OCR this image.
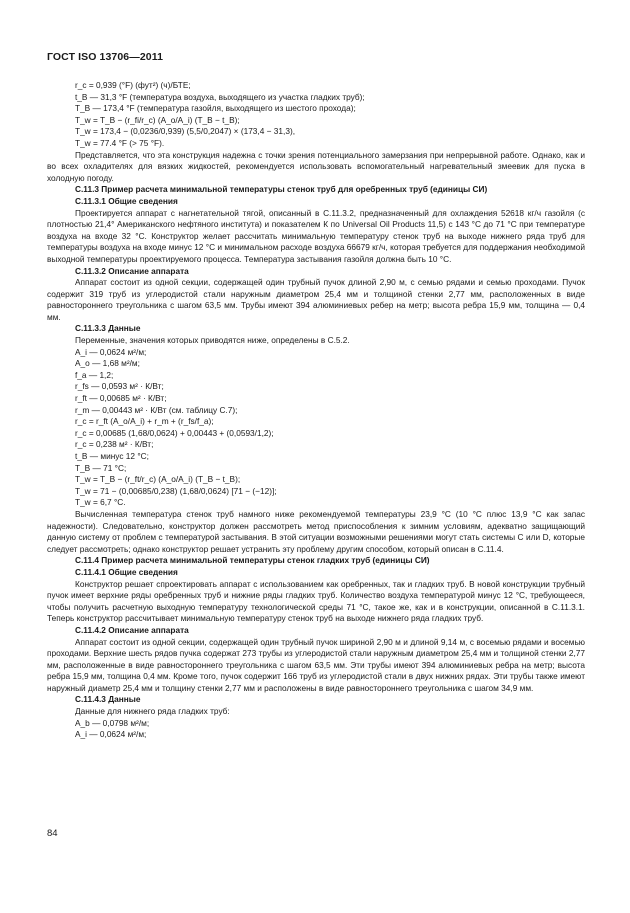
ГОСТ ISO 13706—2011
r_c = 0,939 (°F) (фут²) (ч)/БТЕ;
t_B — 31,3 °F (температура воздуха, выходящего из участка гладких труб);
T_B — 173,4 °F (температура газойля, выходящего из шестого прохода);
T_w = T_B − (r_fi/r_c) (A_o/A_i) (T_B − t_B);
T_w = 173,4 − (0,0236/0,939) (5,5/0,2047) × (173,4 − 31,3),
T_w = 77.4 °F (> 75 °F).
Представляется, что эта конструкция надежна с точки зрения потенциального замерзания при непрерывной работе. Однако, как и во всех охладителях для вязких жидкостей, рекомендуется использовать вспомогательный нагревательный змеевик для пуска в холодную погоду.
C.11.3 Пример расчета минимальной температуры стенок труб для оребренных труб (единицы СИ)
C.11.3.1 Общие сведения
Проектируется аппарат с нагнетательной тягой, описанный в С.11.3.2, предназначенный для охлаждения 52618 кг/ч газойля (с плотностью 21,4° Американского нефтяного института) и показателем К по Universal Oil Products 11,5) с 143 °С до 71 °С при температуре воздуха на входе 32 °С. Конструктор желает рассчитать минимальную температуру стенок труб на выходе нижнего ряда труб для температуры воздуха на входе минус 12 °С и минимальном расходе воздуха 66679 кг/ч, которая требуется для поддержания необходимой выходной температуры проектируемого процесса. Температура застывания газойля должна быть 10 °С.
C.11.3.2 Описание аппарата
Аппарат состоит из одной секции, содержащей один трубный пучок длиной 2,90 м, с семью рядами и семью проходами. Пучок содержит 319 труб из углеродистой стали наружным диаметром 25,4 мм и толщиной стенки 2,77 мм, расположенных в виде равностороннего треугольника с шагом 63,5 мм. Трубы имеют 394 алюминиевых ребер на метр; высота ребра 15,9 мм, толщина — 0,4 мм.
C.11.3.3 Данные
Переменные, значения которых приводятся ниже, определены в С.5.2.
A_i — 0,0624 м²/м;
A_o — 1,68 м²/м;
f_a — 1,2;
r_fs — 0,0593 м² · К/Вт;
r_ft — 0,00685 м² · К/Вт;
r_m — 0,00443 м² · К/Вт (см. таблицу С.7);
r_c = r_ft (A_o/A_i) + r_m + (r_fs/f_a);
r_c = 0,00685 (1,68/0,0624) + 0,00443 + (0,0593/1,2);
r_c = 0,238 м² · К/Вт;
t_B — минус 12 °С;
T_B — 71 °С;
T_w = T_B − (r_ft/r_c) (A_o/A_i) (T_B − t_B);
T_w = 71 − (0,00685/0,238) (1,68/0,0624) [71 − (−12)];
T_w = 6,7 °С.
Вычисленная температура стенок труб намного ниже рекомендуемой температуры 23,9 °С (10 °С плюс 13,9 °С как запас надежности). Следовательно, конструктор должен рассмотреть метод приспособления к зимним условиям, адекватно защищающий данную систему от проблем с температурой застывания. В этой ситуации возможными решениями могут стать системы С или D, которые следует рассмотреть; однако конструктор решает устранить эту проблему другим способом, который описан в С.11.4.
C.11.4 Пример расчета минимальной температуры стенок гладких труб (единицы СИ)
C.11.4.1 Общие сведения
Конструктор решает спроектировать аппарат с использованием как оребренных, так и гладких труб. В новой конструкции трубный пучок имеет верхние ряды оребренных труб и нижние ряды гладких труб. Количество воздуха температурой минус 12 °С, требующееся, чтобы получить расчетную выходную температуру технологической среды 71 °С, такое же, как и в конструкции, описанной в С.11.3.1. Теперь конструктор рассчитывает минимальную температуру стенок труб на выходе нижнего ряда гладких труб.
C.11.4.2 Описание аппарата
Аппарат состоит из одной секции, содержащей один трубный пучок шириной 2,90 м и длиной 9,14 м, с восемью рядами и восемью проходами. Верхние шесть рядов пучка содержат 273 трубы из углеродистой стали наружным диаметром 25,4 мм и толщиной стенки 2,77 мм, расположенные в виде равностороннего треугольника с шагом 63,5 мм. Эти трубы имеют 394 алюминиевых ребра на метр; высота ребра 15,9 мм, толщина 0,4 мм. Кроме того, пучок содержит 166 труб из углеродистой стали в двух нижних рядах. Эти трубы также имеют наружный диаметр 25,4 мм и толщину стенки 2,77 мм и расположены в виде равностороннего треугольника с шагом 34,9 мм.
C.11.4.3 Данные
Данные для нижнего ряда гладких труб:
A_b — 0,0798 м²/м;
A_i — 0,0624 м²/м;
84
